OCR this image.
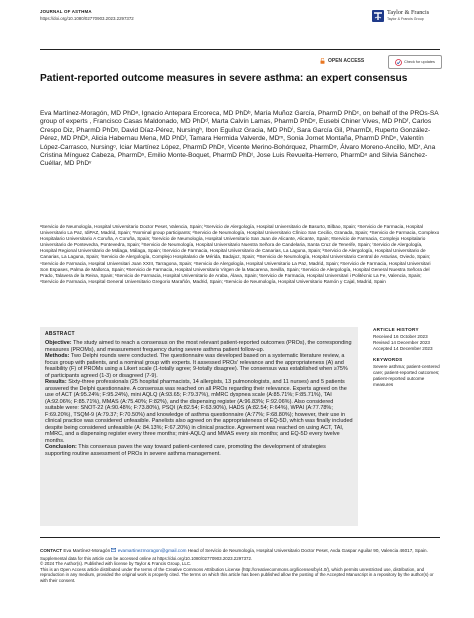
JOURNAL OF ASTHMA
https://doi.org/10.1080/02770903.2023.2297372
Taylor & Francis
Taylor & Francis Group
OPEN ACCESS	Check for updates
Patient-reported outcome measures in severe asthma: an expert consensus
Eva Martínez-Moragón, MD PhDᵃ, Ignacio Antepara Ercoreca, MD PhDᵇ, María Muñoz García, PharmD PhDᶜ, on behalf of the PROs-SA group of experts , Francisco Casas Maldonado, MD PhDᵈ, Marta Calvín Lamas, PharmD PhDᵉ, Eusebi Chiner Vives, MD PhDᶠ, Carlos Crespo Diz, PharmD PhDᵍ, David Díaz-Pérez, Nursingʰ, Ibon Eguíluz Gracia, MD PhDⁱ, Sara García Gil, PharmDʲ, Ruperto González-Pérez, MD PhDᵏ, Alicia Habernau Mena, MD PhDˡ, Tamara Hermida Valverde, MDᵐ, Sonia Jornet Montaña, PharmD PhDⁿ, Valentín López-Carrasco, Nursingᵒ, Iciar Martínez López, PharmD PhDᵖ, Vicente Merino-Bohórquez, PharmDᵠ, Álvaro Moreno-Ancillo, MDʳ, Ana Cristina Mínguez Cabeza, PharmDˢ, Emilio Monte-Boquet, PharmD PhDᵗ, Jose Luis Revuelta-Herrero, PharmDᵘ and Silvia Sánchez-Cuéllar, MD PhDᵛ
ᵃServicio de Neumología, Hospital Universitario Doctor Peset, Valencia, Spain; ᵇServicio de Alergología, Hospital Universitario de Basurto, Bilbao, Spain; ᶜServicio de Farmacia, Hospital Universitario La Paz, IdiPAZ, Madrid, Spain; *Nominal group participants; ᵈServicio de Neumología, Hospital Universitario Clínico San Cecilio, Granada, Spain; ᵉServicio de Farmacia, Complexo Hospitalario Universitario A Coruña, A Coruña, Spain; ᶠServicio de Neumología, Hospital Universitario San Juan de Alicante, Alicante, Spain; ᵍServicio de Farmacia, Complejo Hospitalario Universitario de Pontevedra, Pontevedra, Spain; ʰServicio de Neumología, Hospital Universitario Nuestra Señora de Candelaria, Santa Cruz de Tenerife, Spain; ⁱServicio de Alergología, Hospital Regional Universitario de Málaga, Málaga, Spain; ʲServicio de Farmacia, Hospital Universitario de Canarias, La Laguna, Spain; ᵏServicio de Alergología, Hospital Universitario de Canarias, La Laguna, Spain; ˡServicio de Alergología, Complejo Hospitalario de Mérida, Badajoz, Spain; ᵐServicio de Neumología, Hospital Universitario Central de Asturias, Oviedo, Spain; ⁿServicio de Farmacia, Hospital Universitari Joan XXIII, Tarragona, Spain; ᵒServicio de Alergología, Hospital Universitario La Paz, Madrid, Spain; ᵖServicio de Farmacia, Hospital Universitari Son Espases, Palma de Mallorca, Spain; ᵠServicio de Farmacia, Hospital Universitario Virgen de la Macarena, Sevilla, Spain; ʳServicio de Alergología, Hospital General Nuestra Señora del Prado, Talavera de la Reina, Spain; ˢServicio de Farmacia, Hospital Universitario de Araba, Álava, Spain; ᵗServicio de Farmacia, Hospital Universitari i Politècnic La Fe, Valencia, Spain; ᵘServicio de Farmacia, Hospital General Universitario Gregorio Marañón, Madrid, Spain; ᵛServicio de Neumología, Hospital Universitario Ramón y Cajal, Madrid, Spain
ABSTRACT
Objective: The study aimed to reach a consensus on the most relevant patient-reported outcomes (PROs), the corresponding measures (PROMs), and measurement frequency during severe asthma patient follow-up.
Methods: Two Delphi rounds were conducted. The questionnaire was developed based on a systematic literature review, a focus group with patients, and a nominal group with experts. It assessed PROs' relevance and the appropriateness (A) and feasibility (F) of PROMs using a Likert scale (1-totally agree; 9-totally disagree). The consensus was established when ≥75% of participants agreed (1-3) or disagreed (7-9).
Results: Sixty-three professionals (25 hospital pharmacists, 14 allergists, 13 pulmonologists, and 11 nurses) and 5 patients answered the Delphi questionnaire. A consensus was reached on all PROs regarding their relevance. Experts agreed on the use of ACT (A:95.24%; F:95.24%), mini AQLQ (A:93.65; F:79.37%), mMRC dyspnea scale (A:85.71%; F:85.71%), TAI (A:92.06%; F:85.71%), MMAS (A:75.40%; F:82%), and the dispensing register (A:96.83%; F:92.06%). Also considered suitable were: SNOT-22 (A:90.48%; F:73.80%), PSQI (A:82.54; F:63.90%), HADS (A:82.54; F:64%), WPAI (A:77.78%; F:69.20%), TSQM-9 (A:79.37; F:70.50%) and knowledge of asthma questionnaire (A:77%; F:68.80%); however, their use in clinical practice was considered unfeasible. Panelists also agreed on the appropriateness of EQ-5D, which was finally included despite being considered unfeasible (A: 84.13%; F:67.20%) in clinical practice. Agreement was reached on using ACT, TAI, mMRC, and a dispensing register every three months; mini-AQLQ and MMAS every six months; and EQ-5D every twelve months.
Conclusion: This consensus paves the way toward patient-centered care, promoting the development of strategies supporting routine assessment of PROs in severe asthma management.
ARTICLE HISTORY
Received 16 October 2023
Revised 14 December 2023
Accepted 14 December 2023
KEYWORDS
Severe asthma; patient-centered care; patient-reported outcomes; patient-reported outcome measures
CONTACT Eva Martínez-Moragón evamartinezmoragon@gmail.com Head of Servicio de Neumología, Hospital Universitario Doctor Peset, Avda Gaspar Aguilar 90, Valencia 46017, Spain.
Supplemental data for this article can be accessed online at https://doi.org/10.1080/02770903.2023.2297372.
© 2024 The Author(s). Published with license by Taylor & Francis Group, LLC.
This is an Open Access article distributed under the terms of the Creative Commons Attribution License (http://creativecommons.org/licenses/by/4.0/), which permits unrestricted use, distribution, and reproduction in any medium, provided the original work is properly cited. The terms on which this article has been published allow the posting of the Accepted Manuscript in a repository by the author(s) or with their consent.
